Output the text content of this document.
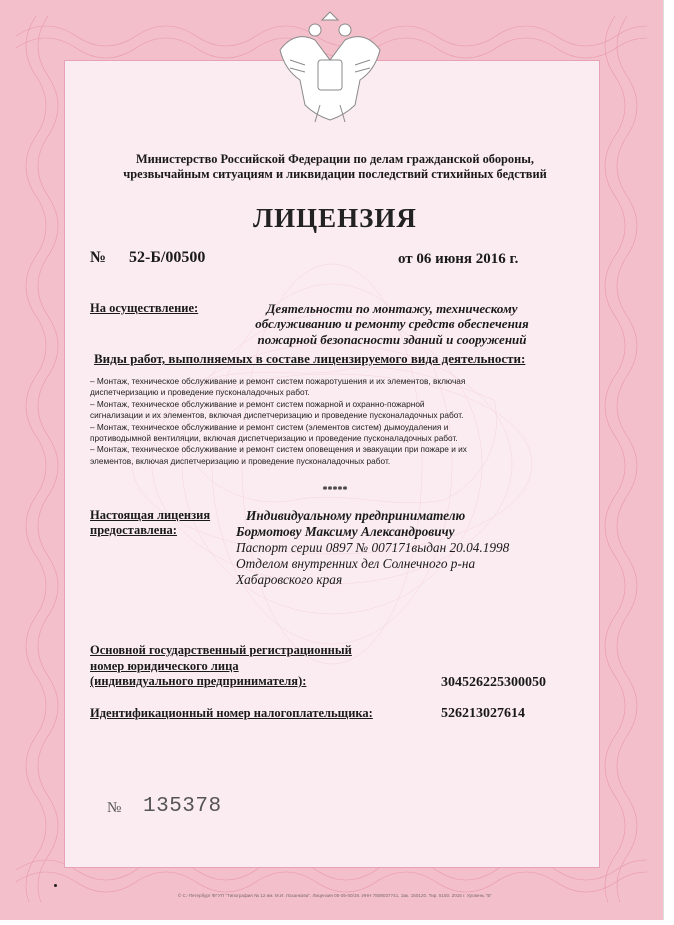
Министерство Российской Федерации по делам гражданской обороны,
чрезвычайным ситуациям и ликвидации последствий стихийных бедствий
ЛИЦЕНЗИЯ
№ 52-Б/00500	от 06 июня 2016 г.
На осуществление:	Деятельности по монтажу, техническому
обслуживанию и ремонту средств обеспечения
пожарной безопасности зданий и сооружений
Виды работ, выполняемых в составе лицензируемого вида деятельности:

– Монтаж, техническое обслуживание и ремонт систем пожаротушения и их элементов, включая

диспетчеризацию и проведение пусконаладочных работ.

– Монтаж, техническое обслуживание и ремонт систем пожарной и охранно-пожарной

сигнализации и их элементов, включая диспетчеризацию и проведение пусконаладочных работ.

– Монтаж, техническое обслуживание и ремонт систем (элементов систем) дымоудаления и

противодымной вентиляции, включая диспетчеризацию и проведение пусконаладочных работ.

– Монтаж, техническое обслуживание и ремонт систем оповещения и эвакуации при пожаре и их

элементов, включая диспетчеризацию и проведение пусконаладочных работ.

*****
Настоящая лицензия
предоставлена:
Индивидуальному предпринимателю
Бормотову Максиму Александровичу
Паспорт серии 0897 № 007171выдан 20.04.1998
Отделом внутренних дел Солнечного р-на
Хабаровского края
Основной государственный регистрационный
номер юридического лица
(индивидуального предпринимателя):	304526225300050
Идентификационный номер налогоплательщика:	526213027614
№ 135378
© С.-Петербург ФГУП "Типография № 12 им. М.И. Лоханкова". Лицензия 05-05-00/19. ИНН 7808037741. Зак. 150120. Тир. 5150. 2015 г. Уровень "Б"
